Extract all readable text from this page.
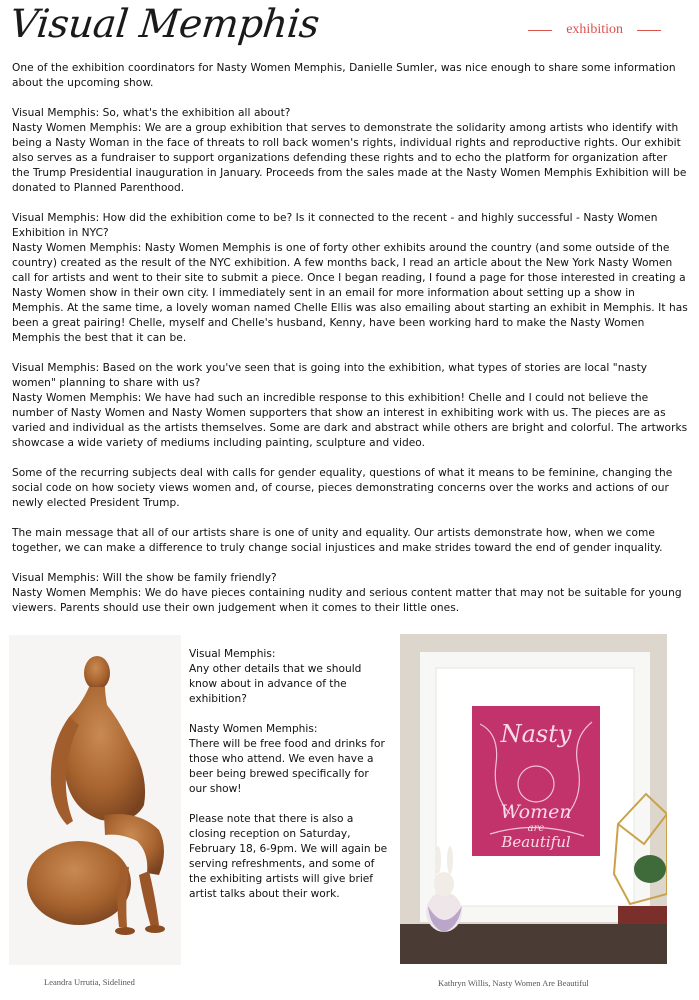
Visual Memphis	exhibition

One of the exhibition coordinators for Nasty Women Memphis, Danielle Sumler, was nice enough to share some information about the upcoming show.

Visual Memphis: So, what's the exhibition all about?

Nasty Women Memphis: We are a group exhibition that serves to demonstrate the solidarity among artists who identify with being a Nasty Woman in the face of threats to roll back women's rights, individual rights and reproductive rights. Our exhibit also serves as a fundraiser to support organizations defending these rights and to echo the platform for organization after the Trump Presidential inauguration in January. Proceeds from the sales made at the Nasty Women Memphis Exhibition will be donated to Planned Parenthood.

Visual Memphis: How did the exhibition come to be? Is it connected to the recent - and highly successful - Nasty Women Exhibition in NYC?

Nasty Women Memphis: Nasty Women Memphis is one of forty other exhibits around the country (and some outside of the country) created as the result of the NYC exhibition. A few months back, I read an article about the New York Nasty Women call for artists and went to their site to submit a piece. Once I began reading, I found a page for those interested in creating a Nasty Women show in their own city. I immediately sent in an email for more information about setting up a show in Memphis. At the same time, a lovely woman named Chelle Ellis was also emailing about starting an exhibit in Memphis. It has been a great pairing! Chelle, myself and Chelle's husband, Kenny, have been working hard to make the Nasty Women Memphis the best that it can be.

Visual Memphis: Based on the work you've seen that is going into the exhibition, what types of stories are local "nasty women" planning to share with us?

Nasty Women Memphis: We have had such an incredible response to this exhibition! Chelle and I could not believe the number of Nasty Women and Nasty Women supporters that show an interest in exhibiting work with us. The pieces are as varied and individual as the artists themselves. Some are dark and abstract while others are bright and colorful. The artworks showcase a wide variety of mediums including painting, sculpture and video.

Some of the recurring subjects deal with calls for gender equality, questions of what it means to be feminine, changing the social code on how society views women and, of course, pieces demonstrating concerns over the works and actions of our newly elected President Trump.

The main message that all of our artists share is one of unity and equality. Our artists demonstrate how, when we come together, we can make a difference to truly change social injustices and make strides toward the end of gender inquality.

Visual Memphis: Will the show be family friendly?

Nasty Women Memphis: We do have pieces containing nudity and serious content matter that may not be suitable for young viewers. Parents should use their own judgement when it comes to their little ones.

Visual Memphis:
Any other details that we should know about in advance of the exhibition?

Nasty Women Memphis:
There will be free food and drinks for those who attend. We even have a beer being brewed specifically for our show!

Please note that there is also a closing reception on Saturday, February 18, 6-9pm. We will again be serving refreshments, and some of the exhibiting artists will give brief artist talks about their work.

Nasty
Women
are
Beautiful
Leandra Urrutia, Sidelined	Kathryn Willis, Nasty Women Are Beautiful
